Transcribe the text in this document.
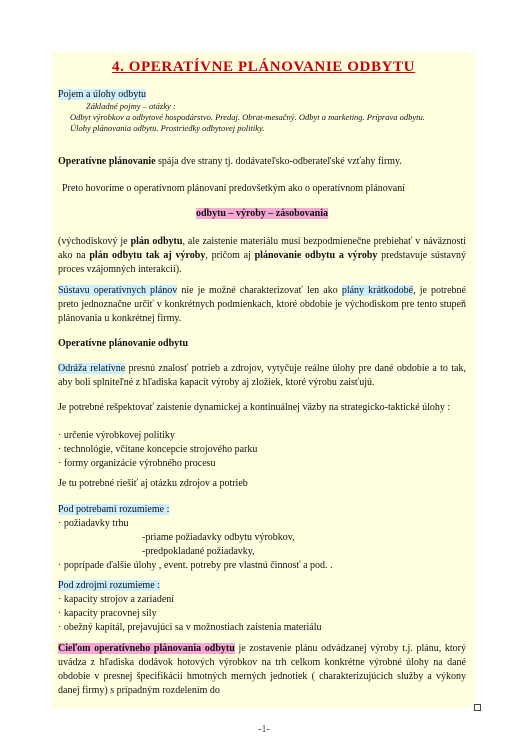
4. OPERATÍVNE PLÁNOVANIE ODBYTU
Pojem a úlohy odbytu
Základné pojmy – otázky :
Odbyt výrobkov a odbytové hospodárstvo. Predaj. Obrat-mesačný. Odbyt a marketing. Príprava odbytu.
Úlohy plánovania odbytu. Prostriedky odbytovej politiky.
Operatívne plánovanie spája dve strany tj. dodávateľsko-odberateľské vzťahy firmy.
Preto hovoríme o operatívnom plánovaní predovšetkým ako o operatívnom plánovaní
odbytu – výroby – zásobovania
(východiskový je plán odbytu, ale zaistenie materiálu musí bezpodmienečne prebiehať v náväznosti ako na plán odbytu tak aj výroby, pričom aj plánovanie odbytu a výroby predstavuje sústavný proces vzájomných interakcií).
Sústavu operatívnych plánov nie je možné charakterizovať len ako plány krátkodobé, je potrebné preto jednoznačne určiť v konkrétnych podmienkach, ktoré obdobie je východiskom pre tento stupeň plánovania u konkrétnej firmy.
Operatívne plánovanie odbytu
Odráža relatívne presnú znalosť potrieb a zdrojov, vytyčuje reálne úlohy pre dané obdobie a to tak, aby boli splniteľné z hľadiska kapacít výroby aj zložiek, ktoré výrobu zaisťujú.
Je potrebné rešpektovať zaistenie dynamickej a kontinuálnej väzby na strategicko-taktické úlohy :
· určenie výrobkovej politiky
· technológie, včítane koncepcie strojového parku
· formy organizácie výrobného procesu
Je tu potrebné riešiť aj otázku zdrojov a potrieb
Pod potrebami rozumieme :
· požiadavky trhu
-priame požiadavky odbytu výrobkov,
-predpokladané požiadavky,
· poprípade ďalšie úlohy , event. potreby pre vlastnú činnosť a pod. .
Pod zdrojmi rozumieme :
· kapacity strojov a zariadení
· kapacity pracovnej sily
· obežný kapitál, prejavujúci sa v možnostiach zaistenia materiálu
Cieľom operatívneho plánovania odbytu je zostavenie plánu odvádzanej výroby t.j. plánu, ktorý uvádza z hľadiska dodávok hotových výrobkov na trh celkom konkrétne výrobné úlohy na dané obdobie v presnej špecifikácií hmotných merných jednotiek ( charakterizujúcich služby a výkony danej firmy) s prípadným rozdelením do
-1-
